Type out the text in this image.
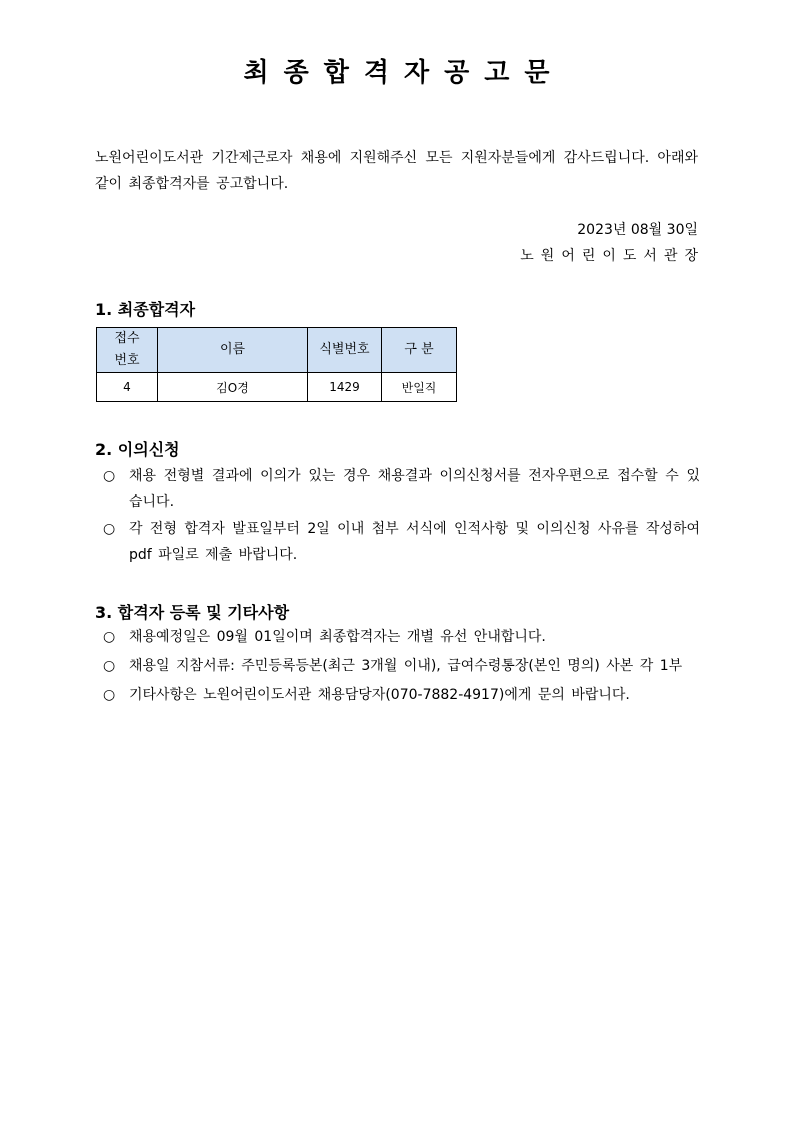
최종합격자공고문
노원어린이도서관 기간제근로자 채용에 지원해주신 모든 지원자분들에게 감사드립니다. 아래와 같이 최종합격자를 공고합니다.
2023년 08월 30일
노원어린이도서관장
1. 최종합격자
접수
번호	이름	식별번호	구 분
4	김O경	1429	반일직
2. 이의신청
○ 채용 전형별 결과에 이의가 있는 경우 채용결과 이의신청서를 전자우편으로 접수할 수 있습니다.
○ 각 전형 합격자 발표일부터 2일 이내 첨부 서식에 인적사항 및 이의신청 사유를 작성하여 pdf 파일로 제출 바랍니다.
3. 합격자 등록 및 기타사항
○ 채용예정일은 09월 01일이며 최종합격자는 개별 유선 안내합니다.
○ 채용일 지참서류: 주민등록등본(최근 3개월 이내), 급여수령통장(본인 명의) 사본 각 1부
○ 기타사항은 노원어린이도서관 채용담당자(070-7882-4917)에게 문의 바랍니다.
